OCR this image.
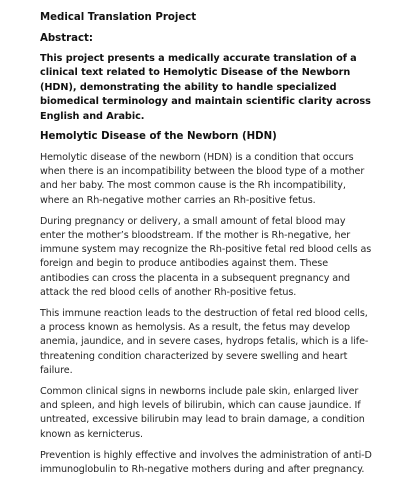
Medical Translation Project
Abstract:
This project presents a medically accurate translation of a clinical text related to Hemolytic Disease of the Newborn (HDN), demonstrating the ability to handle specialized biomedical terminology and maintain scientific clarity across English and Arabic.
Hemolytic Disease of the Newborn (HDN)

Hemolytic disease of the newborn (HDN) is a condition that occurs when there is an incompatibility between the blood type of a mother and her baby. The most common cause is the Rh incompatibility, where an Rh-negative mother carries an Rh-positive fetus.

During pregnancy or delivery, a small amount of fetal blood may enter the mother’s bloodstream. If the mother is Rh-negative, her immune system may recognize the Rh-positive fetal red blood cells as foreign and begin to produce antibodies against them. These antibodies can cross the placenta in a subsequent pregnancy and attack the red blood cells of another Rh-positive fetus.

This immune reaction leads to the destruction of fetal red blood cells, a process known as hemolysis. As a result, the fetus may develop anemia, jaundice, and in severe cases, hydrops fetalis, which is a life-threatening condition characterized by severe swelling and heart failure.

Common clinical signs in newborns include pale skin, enlarged liver and spleen, and high levels of bilirubin, which can cause jaundice. If untreated, excessive bilirubin may lead to brain damage, a condition known as kernicterus.

Prevention is highly effective and involves the administration of anti-D immunoglobulin to Rh-negative mothers during and after pregnancy.
